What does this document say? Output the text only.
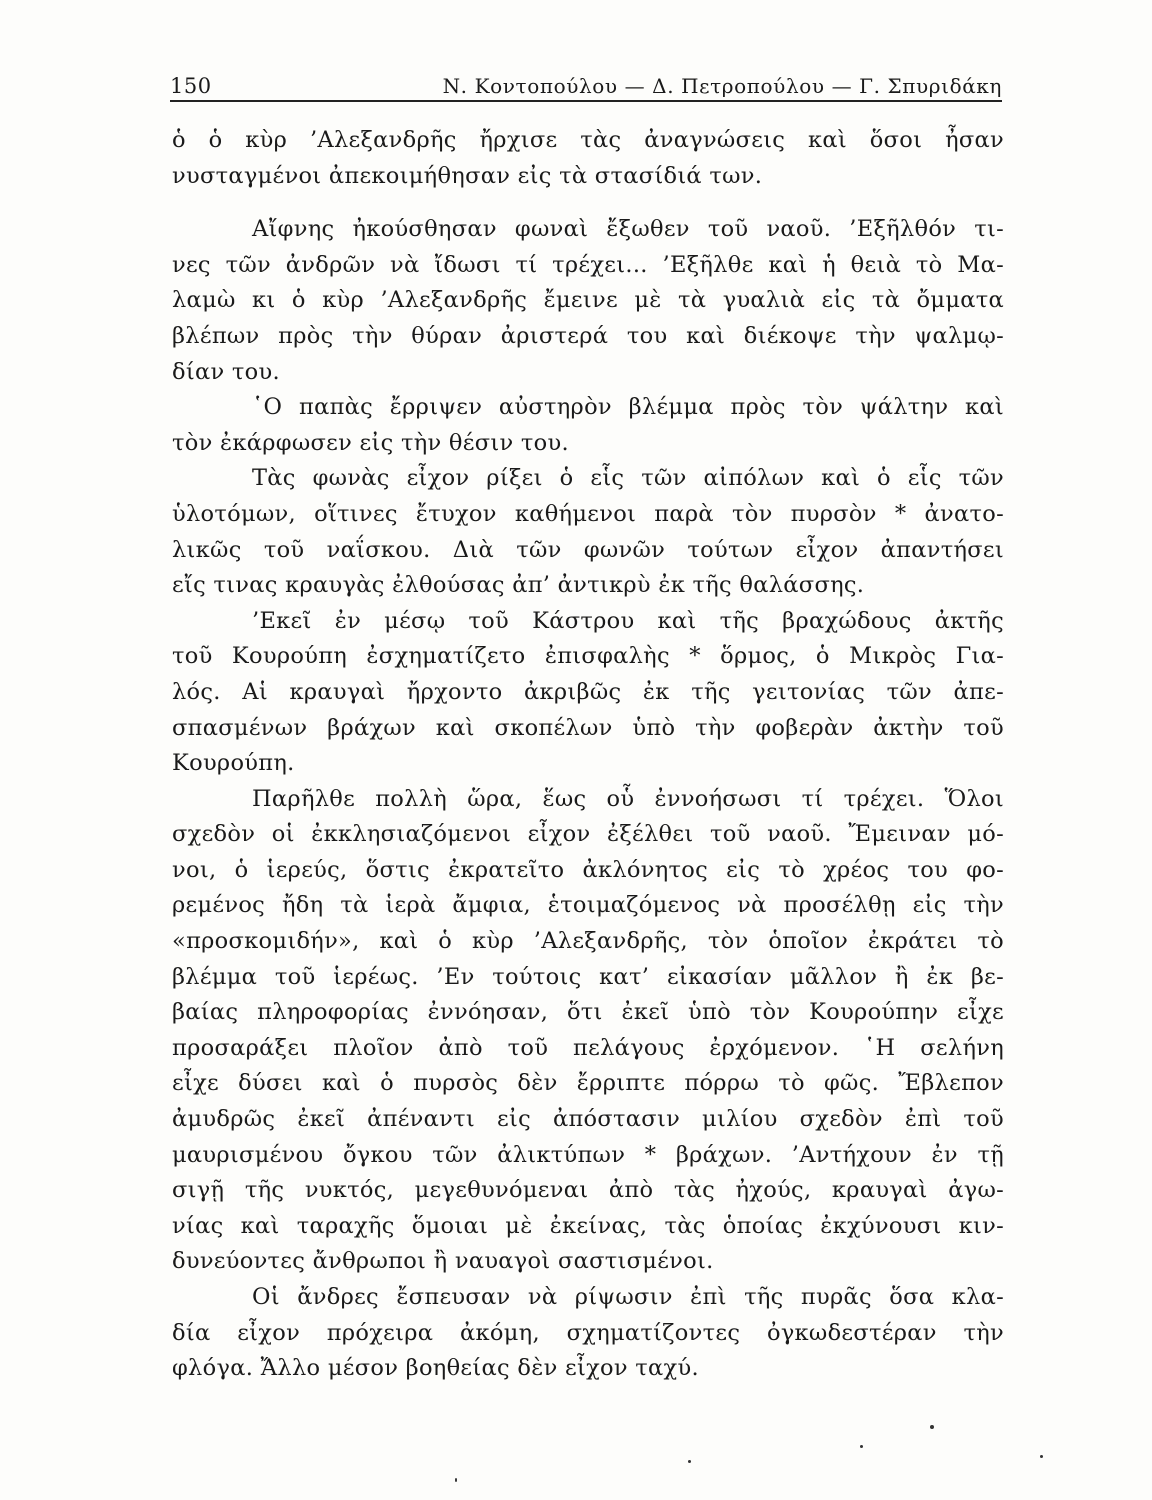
150	Ν. Κοντοπούλου — Δ. Πετροπούλου — Γ. Σπυριδάκη
ὁ ὁ κὺρ ’Αλεξανδρῆς ἤρχισε τὰς ἀναγνώσεις καὶ ὅσοι ἦσαν
νυσταγμένοι ἀπεκοιμήθησαν εἰς τὰ στασίδιά των.
Αἴφνης ἠκούσθησαν φωναὶ ἔξωθεν τοῦ ναοῦ. ’Εξῆλθόν τι-
νες τῶν ἀνδρῶν νὰ ἴδωσι τί τρέχει... ’Εξῆλθε καὶ ἡ θειὰ τὸ Μα-
λαμὼ κι ὁ κὺρ ’Αλεξανδρῆς ἔμεινε μὲ τὰ γυαλιὰ εἰς τὰ ὄμματα
βλέπων πρὸς τὴν θύραν ἀριστερά του καὶ διέκοψε τὴν ψαλμῳ-
δίαν του.
῾Ο παπὰς ἔρριψεν αὐστηρὸν βλέμμα πρὸς τὸν ψάλτην καὶ
τὸν ἐκάρφωσεν εἰς τὴν θέσιν του.
Τὰς φωνὰς εἶχον ρίξει ὁ εἷς τῶν αἰπόλων καὶ ὁ εἷς τῶν
ὑλοτόμων, οἵτινες ἔτυχον καθήμενοι παρὰ τὸν πυρσὸν * ἀνατο-
λικῶς τοῦ ναΐσκου. Διὰ τῶν φωνῶν τούτων εἶχον ἀπαντήσει
εἴς τινας κραυγὰς ἐλθούσας ἀπ’ ἀντικρὺ ἐκ τῆς θαλάσσης.
’Εκεῖ ἐν μέσῳ τοῦ Κάστρου καὶ τῆς βραχώδους ἀκτῆς
τοῦ Κουρούπη ἐσχηματίζετο ἐπισφαλὴς * ὅρμος, ὁ Μικρὸς Για-
λός. Αἱ κραυγαὶ ἤρχοντο ἀκριβῶς ἐκ τῆς γειτονίας τῶν ἀπε-
σπασμένων βράχων καὶ σκοπέλων ὑπὸ τὴν φοβερὰν ἀκτὴν τοῦ
Κουρούπη.
Παρῆλθε πολλὴ ὥρα, ἕως οὗ ἐννοήσωσι τί τρέχει. Ὅλοι
σχεδὸν οἱ ἐκκλησιαζόμενοι εἶχον ἐξέλθει τοῦ ναοῦ. Ἔμειναν μό-
νοι, ὁ ἱερεύς, ὅστις ἐκρατεῖτο ἀκλόνητος εἰς τὸ χρέος του φο-
ρεμένος ἤδη τὰ ἱερὰ ἄμφια, ἑτοιμαζόμενος νὰ προσέλθῃ εἰς τὴν
«προσκομιδήν», καὶ ὁ κὺρ ’Αλεξανδρῆς, τὸν ὁποῖον ἐκράτει τὸ
βλέμμα τοῦ ἱερέως. ’Εν τούτοις κατ’ εἰκασίαν μᾶλλον ἢ ἐκ βε-
βαίας πληροφορίας ἐννόησαν, ὅτι ἐκεῖ ὑπὸ τὸν Κουρούπην εἶχε
προσαράξει πλοῖον ἀπὸ τοῦ πελάγους ἐρχόμενον. ῾Η σελήνη
εἶχε δύσει καὶ ὁ πυρσὸς δὲν ἔρριπτε πόρρω τὸ φῶς. Ἔβλεπον
ἀμυδρῶς ἐκεῖ ἀπέναντι εἰς ἀπόστασιν μιλίου σχεδὸν ἐπὶ τοῦ
μαυρισμένου ὄγκου τῶν ἀλικτύπων * βράχων. ’Αντήχουν ἐν τῇ
σιγῇ τῆς νυκτός, μεγεθυνόμεναι ἀπὸ τὰς ἠχούς, κραυγαὶ ἀγω-
νίας καὶ ταραχῆς ὅμοιαι μὲ ἐκείνας, τὰς ὁποίας ἐκχύνουσι κιν-
δυνεύοντες ἄνθρωποι ἢ ναυαγοὶ σαστισμένοι.
Οἱ ἄνδρες ἔσπευσαν νὰ ρίψωσιν ἐπὶ τῆς πυρᾶς ὅσα κλα-
δία εἶχον πρόχειρα ἀκόμη, σχηματίζοντες ὀγκωδεστέραν τὴν
φλόγα. Ἄλλο μέσον βοηθείας δὲν εἶχον ταχύ.
